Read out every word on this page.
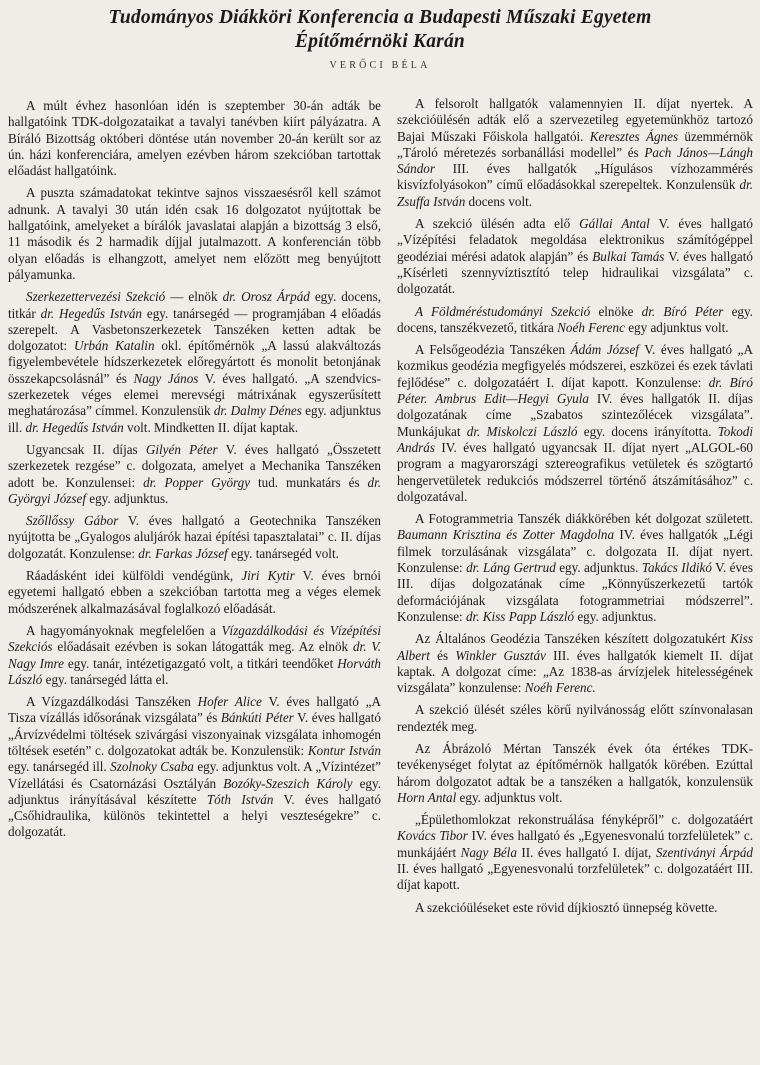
Tudományos Diákköri Konferencia a Budapesti Műszaki Egyetem
Építőmérnöki Karán
VERŐCI BÉLA

A múlt évhez hasonlóan idén is szeptember 30-án adták be hallgatóink TDK-dolgozataikat a tavalyi tanévben kiírt pályázatra. A Bíráló Bizottság októberi döntése után november 20-án került sor az ún. házi konferenciára, amelyen ezévben három szekcióban tartottak előadást hallgatóink.

A puszta számadatokat tekintve sajnos visszaesésről kell számot adnunk. A tavalyi 30 után idén csak 16 dolgozatot nyújtottak be hallgatóink, amelyeket a bírálók javaslatai alapján a bizottság 3 első, 11 második és 2 harmadik díjjal jutalmazott. A konferencián több olyan előadás is elhangzott, amelyet nem előzött meg benyújtott pályamunka.

Szerkezettervezési Szekció — elnök dr. Orosz Árpád egy. docens, titkár dr. Hegedűs István egy. tanársegéd — programjában 4 előadás szerepelt. A Vasbetonszerkezetek Tanszéken ketten adtak be dolgozatot: Urbán Katalin okl. építőmérnök „A lassú alakváltozás figyelembevétele hídszerkezetek előregyártott és monolit betonjának összekapcsolásnál” és Nagy János V. éves hallgató. „A szendvics-szerkezetek véges elemei merevségi mátrixának egyszerűsített meghatározása” címmel. Konzulensük dr. Dalmy Dénes egy. adjunktus ill. dr. Hegedűs István volt. Mindketten II. díjat kaptak.

Ugyancsak II. díjas Gilyén Péter V. éves hallgató „Összetett szerkezetek rezgése” c. dolgozata, amelyet a Mechanika Tanszéken adott be. Konzulensei: dr. Popper György tud. munkatárs és dr. Györgyi József egy. adjunktus.

Szőllőssy Gábor V. éves hallgató a Geotechnika Tanszéken nyújtotta be „Gyalogos aluljárók hazai építési tapasztalatai” c. II. díjas dolgozatát. Konzulense: dr. Farkas József egy. tanársegéd volt.

Ráadásként idei külföldi vendégünk, Jiri Kytir V. éves brnói egyetemi hallgató ebben a szekcióban tartotta meg a véges elemek módszerének alkalmazásával foglalkozó előadását.

A hagyományoknak megfelelően a Vízgazdálkodási és Vízépítési Szekciós előadásait ezévben is sokan látogatták meg. Az elnök dr. V. Nagy Imre egy. tanár, intézetigazgató volt, a titkári teendőket Horváth László egy. tanársegéd látta el.

A Vízgazdálkodási Tanszéken Hofer Alice V. éves hallgató „A Tisza vízállás idősorának vizsgálata” és Bánkúti Péter V. éves hallgató „Árvízvédelmi töltések szivárgási viszonyainak vizsgálata inhomogén töltések esetén” c. dolgozatokat adták be. Konzulensük: Kontur István egy. tanársegéd ill. Szolnoky Csaba egy. adjunktus volt. A „Vízintézet” Vízellátási és Csatornázási Osztályán Bozóky-Szeszich Károly egy. adjunktus irányításával készítette Tóth István V. éves hallgató „Csőhidraulika, különös tekintettel a helyi veszteségekre” c. dolgozatát.

A felsorolt hallgatók valamennyien II. díjat nyertek. A szekcióülésén adták elő a szervezetileg egyetemünkhöz tartozó Bajai Műszaki Főiskola hallgatói. Keresztes Ágnes üzemmérnök „Tároló méretezés sorbanállási modellel” és Pach János—Lángh Sándor III. éves hallgatók „Hígulásos vízhozammérés kisvízfolyásokon” című előadásokkal szerepeltek. Konzulensük dr. Zsuffa István docens volt.

A szekció ülésén adta elő Gállai Antal V. éves hallgató „Vízépítési feladatok megoldása elektronikus számítógéppel geodéziai mérési adatok alapján” és Bulkai Tamás V. éves hallgató „Kísérleti szennyvíztisztító telep hidraulikai vizsgálata” c. dolgozatát.

A Földméréstudományi Szekció elnöke dr. Bíró Péter egy. docens, tanszékvezető, titkára Noéh Ferenc egy adjunktus volt.

A Felsőgeodézia Tanszéken Ádám József V. éves hallgató „A kozmikus geodézia megfigyelés módszerei, eszközei és ezek távlati fejlődése” c. dolgozatáért I. díjat kapott. Konzulense: dr. Bíró Péter. Ambrus Edit—Hegyi Gyula IV. éves hallgatók II. díjas dolgozatának címe „Szabatos szintezőlécek vizsgálata”. Munkájukat dr. Miskolczi László egy. docens irányította. Tokodi András IV. éves hallgató ugyancsak II. díjat nyert „ALGOL-60 program a magyarországi sztereografikus vetületek és szögtartó hengervetületek redukciós módszerrel történő átszámításához” c. dolgozatával.

A Fotogrammetria Tanszék diákkörében két dolgozat született. Baumann Krisztina és Zotter Magdolna IV. éves hallgatók „Légi filmek torzulásának vizsgálata” c. dolgozata II. díjat nyert. Konzulense: dr. Láng Gertrud egy. adjunktus. Takács Ildikó V. éves III. díjas dolgozatának címe „Könnyűszerkezetű tartók deformációjának vizsgálata fotogrammetriai módszerrel”. Konzulense: dr. Kiss Papp László egy. adjunktus.

Az Általános Geodézia Tanszéken készített dolgozatukért Kiss Albert és Winkler Gusztáv III. éves hallgatók kiemelt II. díjat kaptak. A dolgozat címe: „Az 1838-as árvízjelek hitelességének vizsgálata” konzulense: Noéh Ferenc.

A szekció ülését széles körű nyilvánosság előtt színvonalasan rendezték meg.

Az Ábrázoló Mértan Tanszék évek óta értékes TDK-tevékenységet folytat az építőmérnök hallgatók körében. Ezúttal három dolgozatot adtak be a tanszéken a hallgatók, konzulensük Horn Antal egy. adjunktus volt.

„Épülethomlokzat rekonstruálása fényképről” c. dolgozatáért Kovács Tibor IV. éves hallgató és „Egyenesvonalú torzfelületek” c. munkájáért Nagy Béla II. éves hallgató I. díjat, Szentiványi Árpád II. éves hallgató „Egyenesvonalú torzfelületek” c. dolgozatáért III. díjat kapott.

A szekcióüléseket este rövid díjkiosztó ünnepség követte.
